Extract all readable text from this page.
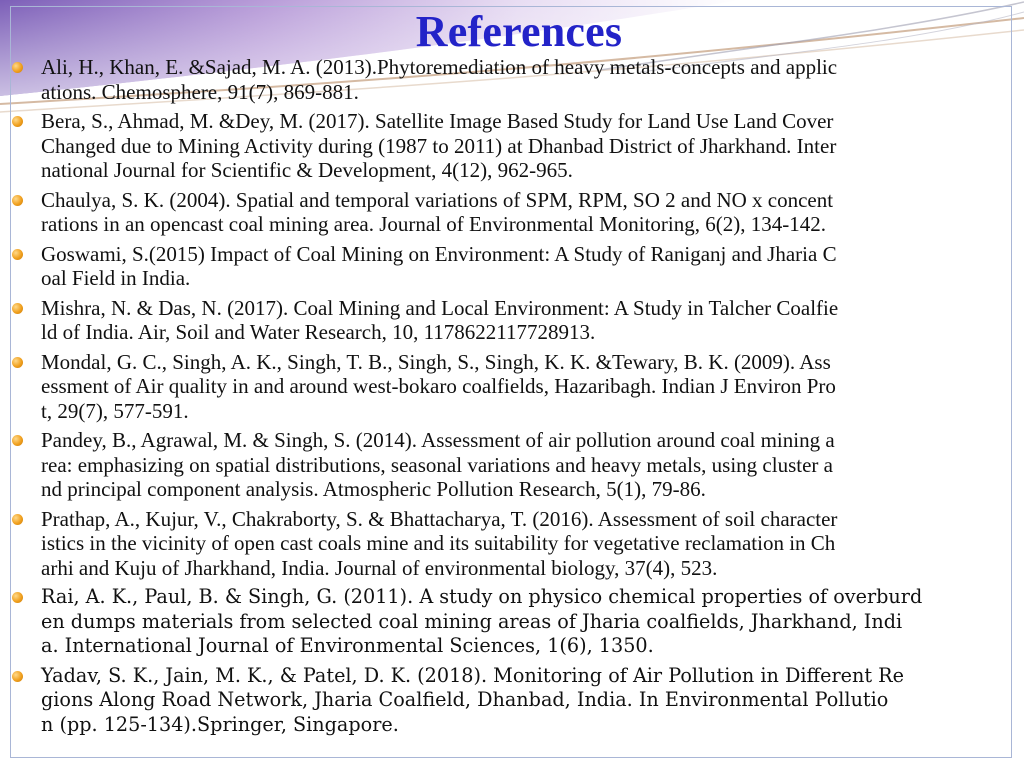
References
Ali, H., Khan, E. &Sajad, M. A. (2013).Phytoremediation of heavy metals-concepts and applic
ations. Chemosphere, 91(7), 869-881.
Bera, S., Ahmad, M. &Dey, M. (2017). Satellite Image Based Study for Land Use Land Cover
Changed due to Mining Activity during (1987 to 2011) at Dhanbad District of Jharkhand. Inter
national Journal for Scientific & Development, 4(12), 962-965.
Chaulya, S. K. (2004). Spatial and temporal variations of SPM, RPM, SO 2 and NO x concent
rations in an opencast coal mining area. Journal of Environmental Monitoring, 6(2), 134-142.
Goswami, S.(2015) Impact of Coal Mining on Environment: A Study of Raniganj and Jharia C
oal Field in India.
Mishra, N. & Das, N. (2017). Coal Mining and Local Environment: A Study in Talcher Coalfie
ld of India. Air, Soil and Water Research, 10, 1178622117728913.
Mondal, G. C., Singh, A. K., Singh, T. B., Singh, S., Singh, K. K. &Tewary, B. K. (2009). Ass
essment of Air quality in and around west-bokaro coalfields, Hazaribagh. Indian J Environ Pro
t, 29(7), 577-591.
Pandey, B., Agrawal, M. & Singh, S. (2014). Assessment of air pollution around coal mining a
rea: emphasizing on spatial distributions, seasonal variations and heavy metals, using cluster a
nd principal component analysis. Atmospheric Pollution Research, 5(1), 79-86.
Prathap, A., Kujur, V., Chakraborty, S. & Bhattacharya, T. (2016). Assessment of soil character
istics in the vicinity of open cast coals mine and its suitability for vegetative reclamation in Ch
arhi and Kuju of Jharkhand, India. Journal of environmental biology, 37(4), 523.
Rai, A. K., Paul, B. & Singh, G. (2011). A study on physico chemical properties of overburd
en dumps materials from selected coal mining areas of Jharia coalfields, Jharkhand, Indi
a. International Journal of Environmental Sciences, 1(6), 1350.
Yadav, S. K., Jain, M. K., & Patel, D. K. (2018). Monitoring of Air Pollution in Different Re
gions Along Road Network, Jharia Coalfield, Dhanbad, India. In Environmental Pollutio
n (pp. 125-134).Springer, Singapore.
